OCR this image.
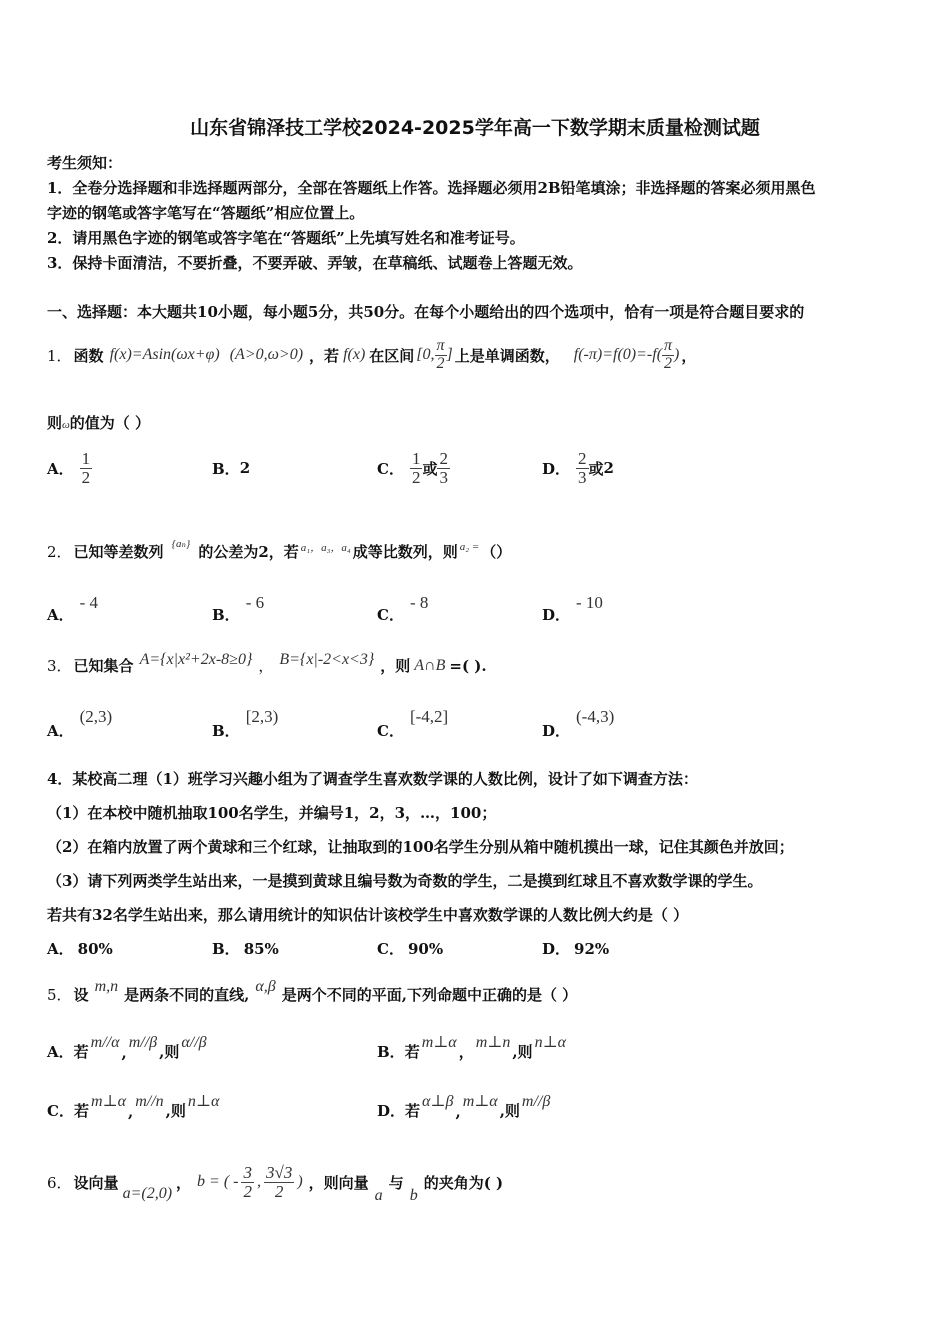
山东省锦泽技工学校2024-2025学年高一下数学期末质量检测试题
考生须知：
1．全卷分选择题和非选择题两部分，全部在答题纸上作答。选择题必须用2B铅笔填涂；非选择题的答案必须用黑色
字迹的钢笔或答字笔写在“答题纸”相应位置上。
2．请用黑色字迹的钢笔或答字笔在“答题纸”上先填写姓名和准考证号。
3．保持卡面清洁，不要折叠，不要弄破、弄皱，在草稿纸、试题卷上答题无效。
一、选择题：本大题共10小题，每小题5分，共50分。在每个小题给出的四个选项中，恰有一项是符合题目要求的
1． 函数 f(x)=Asin(ωx+φ) (A>0,ω>0) ，若 f(x) 在区间 [0, $\frac{\pi}{2}$ ] 上是单调函数， $f(-\pi)=f(0)=-f( \frac{\pi}{2}$ ) ，
则ω的值为（ ）
A． $\frac{1}{2}$	B． 2	C． $\frac{1}{2}$ 或 $\frac{2}{3}$	D． $\frac{2}{3}$ 或 2
2． 已知等差数列 {aₙ} 的公差为2，若 a₁，a₃，a₄ 成等比数列，则 a₂ = （）
A．- 4
B．- 6
C．- 8
D．- 10
3． 已知集合 A={x|x²+2x-8≥0} ， B={x|-2<x<3} ，则 A∩B =( ).
A．(2,3)
B．[2,3)
C．[-4,2]
D．(-4,3)
4．某校高二理（1）班学习兴趣小组为了调查学生喜欢数学课的人数比例，设计了如下调查方法：
（1）在本校中随机抽取100名学生，并编号1，2，3，…，100；
（2）在箱内放置了两个黄球和三个红球，让抽取到的100名学生分别从箱中随机摸出一球，记住其颜色并放回；
（3）请下列两类学生站出来，一是摸到黄球且编号数为奇数的学生，二是摸到红球且不喜欢数学课的学生。
若共有32名学生站出来，那么请用统计的知识估计该校学生中喜欢数学课的人数比例大约是（ ）
A． 80%	B． 85%	C． 90%	D． 92%
5． 设 m,n 是两条不同的直线, α,β 是两个不同的平面,下列命题中正确的是（ ）
A． 若
m//α
,
m//β
,则
α//β
B． 若
m⊥α
，
m⊥n
,则
n⊥α
C． 若
m⊥α
,
m//n
,则
n⊥α
D． 若
α⊥β
,
m⊥α
,则
m//β
6． 设向量
a=(2,0)
， b = ( - $\frac{3}{2}$ , $\frac{3√3}{2}$ ) ，则向量
a
与
b
的夹角为( )
